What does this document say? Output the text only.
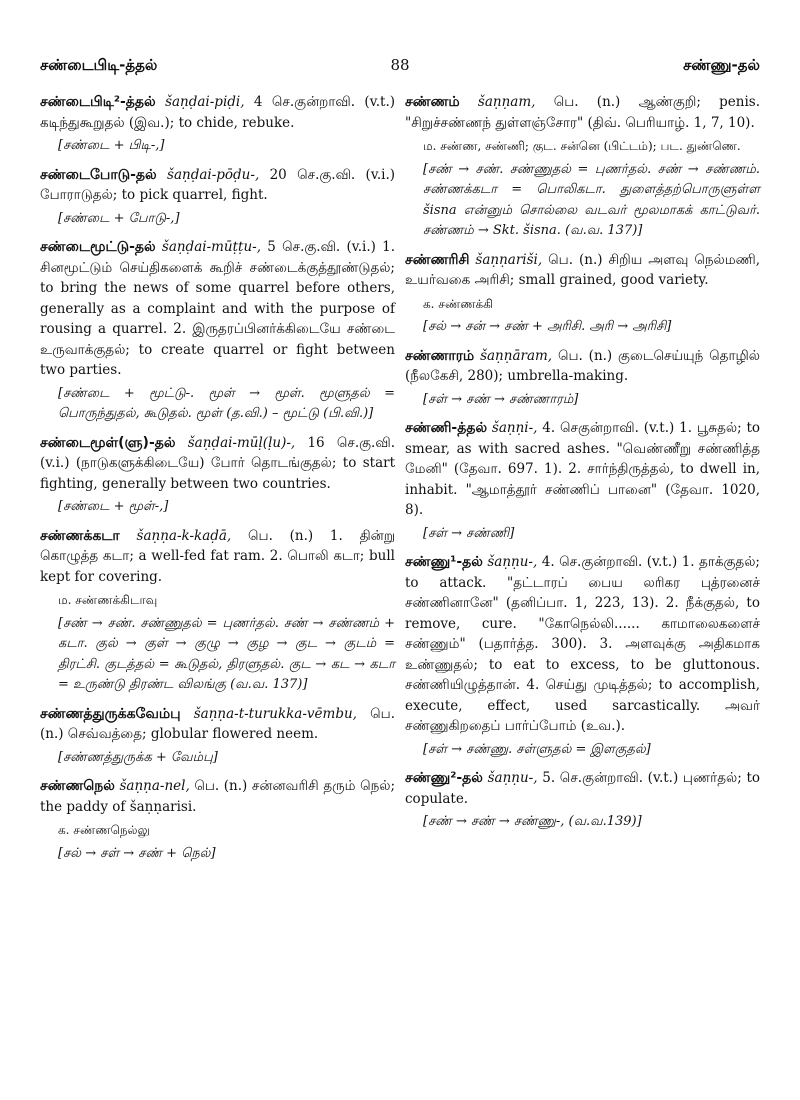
சண்டைபிடி-த்தல்	88	சண்ணு-தல்
சண்டைபிடி²-த்தல் šaṇḍai-piḍi, 4 செ.குன்றாவி. (v.t.) கடிந்துகூறுதல் (இவ.); to chide, rebuke.
[சண்டை + பிடி-,]
சண்டைபோடு-தல் šaṇḍai-pōḍu-, 20 செ.கு.வி. (v.i.) போராடுதல்; to pick quarrel, fight.
[சண்டை + போடு-,]
சண்டைமூட்டு-தல் šaṇḍai-mūṭṭu-, 5 செ.கு.வி. (v.i.) 1. சினமூட்டும் செய்திகளைக் கூறிச் சண்டைக்குத்தூண்டுதல்; to bring the news of some quarrel before others, generally as a complaint and with the purpose of rousing a quarrel. 2. இருதரப்பினர்க்கிடையே சண்டை உருவாக்குதல்; to create quarrel or fight between two parties.
[சண்டை + மூட்டு-. மூள் → மூள். மூளுதல் = பொருந்துதல், கூடுதல். மூள் (த.வி.) – மூட்டு (பி.வி.)]
சண்டைமூள்(ளு)-தல் šaṇḍai-mūḷ(ḷu)-, 16 செ.கு.வி. (v.i.) (நாடுகளுக்கிடையே) போர் தொடங்குதல்; to start fighting, generally between two countries.
[சண்டை + மூள்-,]
சண்ணக்கடா šaṇṇa-k-kaḍā, பெ. (n.) 1. தின்று கொழுத்த கடா; a well-fed fat ram. 2. பொலி கடா; bull kept for covering.
ம. சண்ணக்கிடாவு
[சண் → சண். சண்ணுதல் = புணர்தல். சண் → சண்ணம் + கடா. குல் → குள் → குழு → குழ → குட → குடம் = திரட்சி. குடத்தல் = கூடுதல், திரளுதல். குட → கட → கடா = உருண்டு திரண்ட விலங்கு (வ.வ. 137)]
சண்ணத்துருக்கவேம்பு šaṇṇa-t-turukka-vēmbu, பெ. (n.) செவ்வத்தை; globular flowered neem.
[சண்ணத்துருக்க + வேம்பு]
சண்ணநெல் šaṇṇa-nel, பெ. (n.) சன்னவரிசி தரும் நெல்; the paddy of šaṇṇarisi.
க. சண்ணநெல்லு
[சல் → சள் → சண் + நெல்]
சண்ணம் šaṇṇam, பெ. (n.) ஆண்குறி; penis. "சிறுச்சண்ணந் துள்ளஞ்சோர" (திவ். பெரியாழ். 1, 7, 10).
ம. சண்ண, சண்ணி; குட. சன்னெ (பிட்டம்); பட. துண்ணெ.
[சண் → சண். சண்ணுதல் = புணர்தல். சண் → சண்ணம். சண்ணக்கடா = பொலிகடா. துளைத்தற்பொருளுள்ள šisna என்னும் சொல்லை வடவர் மூலமாகக் காட்டுவர். சண்ணம் → Skt. šisna. (வ.வ. 137)]
சண்ணரிசி šaṇṇariši, பெ. (n.) சிறிய அளவு நெல்மணி, உயர்வகை அரிசி; small grained, good variety.
க. சண்ணக்கி
[சல் → சன் → சண் + அரிசி. அரி → அரிசி]
சண்ணாரம் šaṇṇāram, பெ. (n.) குடைசெய்யுந் தொழில் (நீலகேசி, 280); umbrella-making.
[சள் → சண் → சண்ணாரம்]
சண்ணி-த்தல் šaṇṇi-, 4. செகுன்றாவி. (v.t.) 1. பூசுதல்; to smear, as with sacred ashes. "வெண்ணீறு சண்ணித்த மேனி" (தேவா. 697. 1). 2. சார்ந்திருத்தல், to dwell in, inhabit. "ஆமாத்தூர் சண்ணிப் பானை" (தேவா. 1020, 8).
[சள் → சண்ணி]
சண்ணு¹-தல் šaṇṇu-, 4. செ.குன்றாவி. (v.t.) 1. தாக்குதல்; to attack. "தட்டாரப் பைய லரிகர புத்ரனைச் சண்ணினானே" (தனிப்பா. 1, 223, 13). 2. நீக்குதல், to remove, cure. "கோநெல்லி...... காமாலைகளைச் சண்ணும்" (பதார்த்த. 300). 3. அளவுக்கு அதிகமாக உண்ணுதல்; to eat to excess, to be gluttonous. சண்ணியிழுத்தான். 4. செய்து முடித்தல்; to accomplish, execute, effect, used sarcastically. அவர் சண்ணுகிறதைப் பார்ப்போம் (உவ.).
[சள் → சண்ணு. சள்ளுதல் = இளகுதல்]
சண்ணு²-தல் šaṇṇu-, 5. செ.குன்றாவி. (v.t.) புணர்தல்; to copulate.
[சண் → சண் → சண்ணு-, (வ.வ.139)]
